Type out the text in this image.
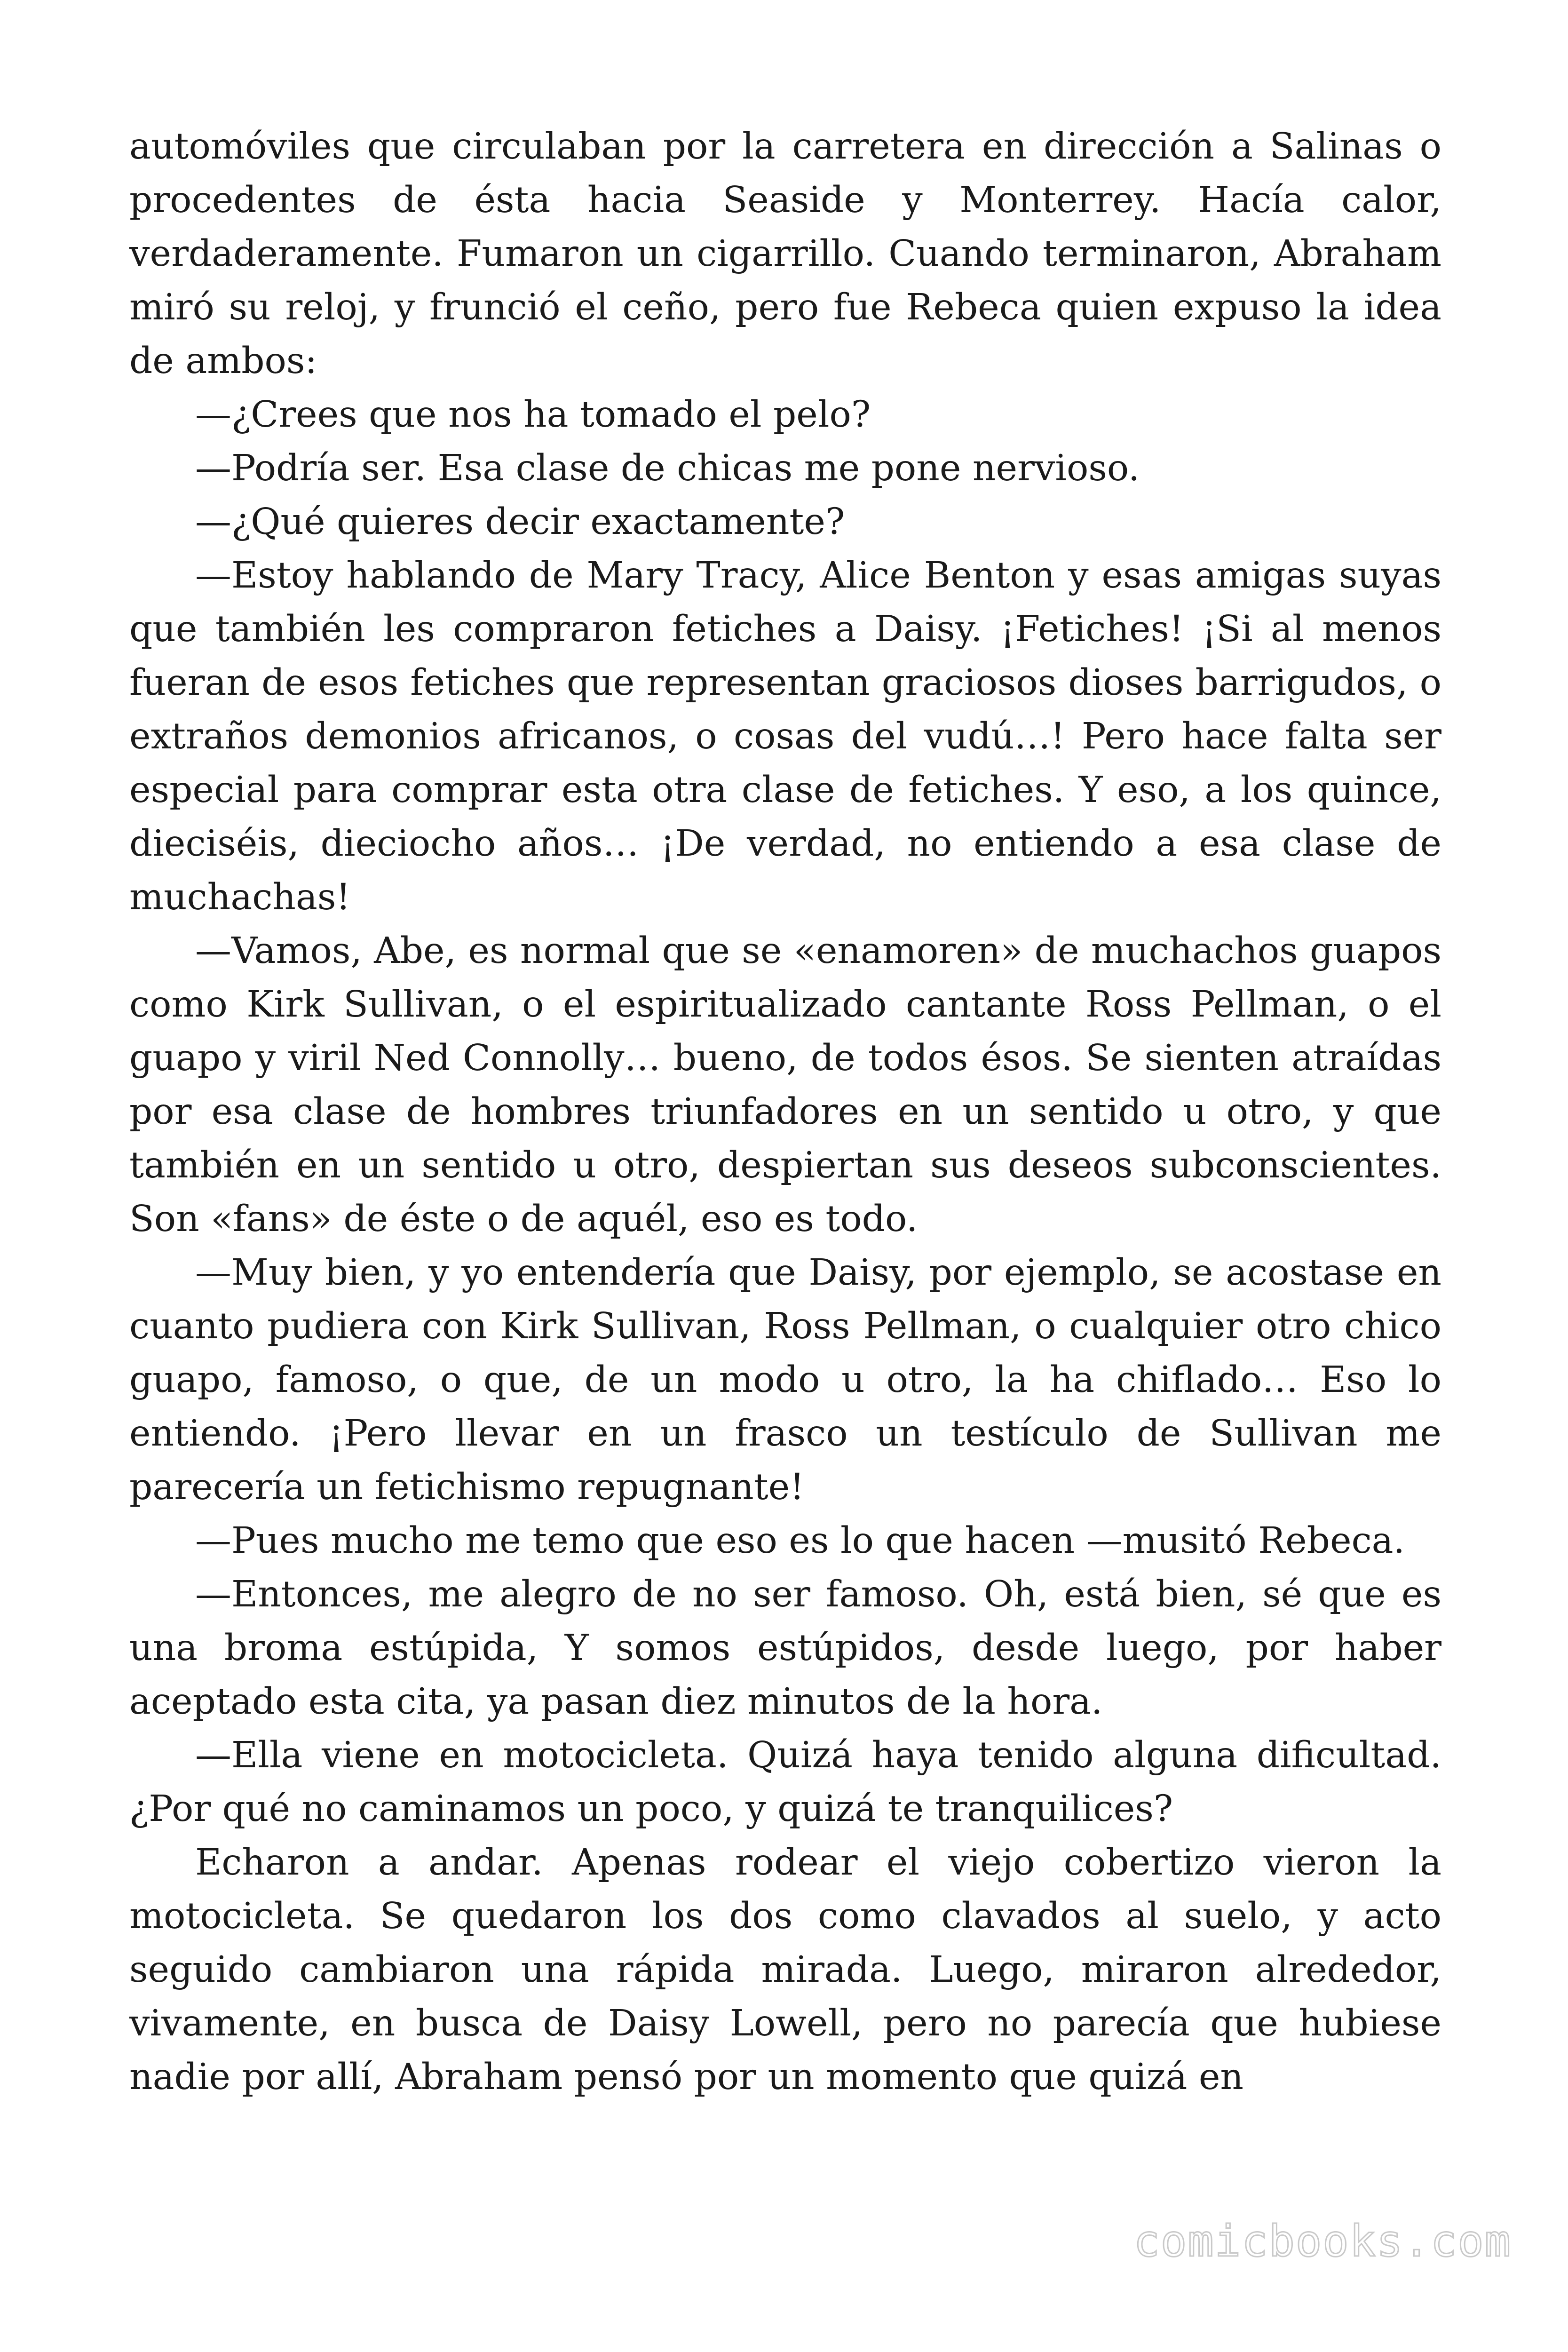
automóviles que circulaban por la carretera en dirección a Salinas o procedentes de ésta hacia Seaside y Monterrey. Hacía calor, verdaderamente. Fumaron un cigarrillo. Cuando terminaron, Abraham miró su reloj, y frunció el ceño, pero fue Rebeca quien expuso la idea de ambos:

—¿Crees que nos ha tomado el pelo?

—Podría ser. Esa clase de chicas me pone nervioso.

—¿Qué quieres decir exactamente?

—Estoy hablando de Mary Tracy, Alice Benton y esas amigas suyas que también les compraron fetiches a Daisy. ¡Fetiches! ¡Si al menos fueran de esos fetiches que representan graciosos dioses barrigudos, o extraños demonios africanos, o cosas del vudú…! Pero hace falta ser especial para comprar esta otra clase de fetiches. Y eso, a los quince, dieciséis, dieciocho años… ¡De verdad, no entiendo a esa clase de muchachas!

—Vamos, Abe, es normal que se «enamoren» de muchachos guapos como Kirk Sullivan, o el espiritualizado cantante Ross Pellman, o el guapo y viril Ned Connolly… bueno, de todos ésos. Se sienten atraídas por esa clase de hombres triunfadores en un sentido u otro, y que también en un sentido u otro, despiertan sus deseos subconscientes. Son «fans» de éste o de aquél, eso es todo.

—Muy bien, y yo entendería que Daisy, por ejemplo, se acostase en cuanto pudiera con Kirk Sullivan, Ross Pellman, o cualquier otro chico guapo, famoso, o que, de un modo u otro, la ha chiflado… Eso lo entiendo. ¡Pero llevar en un frasco un testículo de Sullivan me parecería un fetichismo repugnante!

—Pues mucho me temo que eso es lo que hacen —musitó Rebeca.

—Entonces, me alegro de no ser famoso. Oh, está bien, sé que es una broma estúpida, Y somos estúpidos, desde luego, por haber aceptado esta cita, ya pasan diez minutos de la hora.

—Ella viene en motocicleta. Quizá haya tenido alguna dificultad. ¿Por qué no caminamos un poco, y quizá te tranquilices?

Echaron a andar. Apenas rodear el viejo cobertizo vieron la motocicleta. Se quedaron los dos como clavados al suelo, y acto seguido cambiaron una rápida mirada. Luego, miraron alrededor, vivamente, en busca de Daisy Lowell, pero no parecía que hubiese nadie por allí, Abraham pensó por un momento que quizá en

comicbooks.com
